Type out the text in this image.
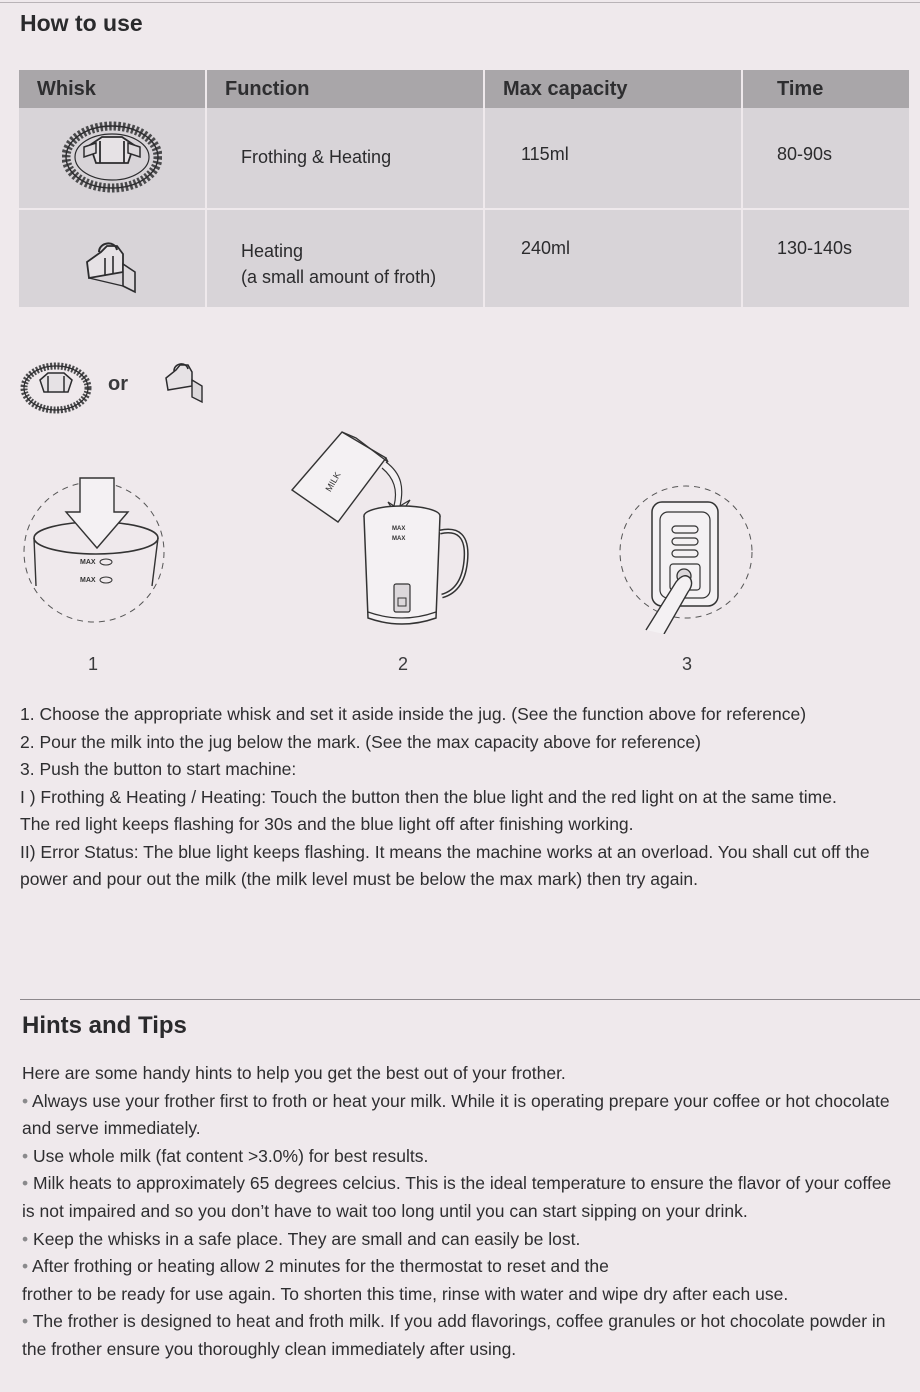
How to use
Whisk	Function	Max capacity	Time

Frothing & Heating	115ml	80-90s

Heating
(a small amount of froth)	240ml	130-140s
or
MAX
MAX
MILK
MAX
MAX
1	2	3

1. Choose the appropriate whisk and set it aside inside the jug. (See the function above for reference)

2. Pour the milk into the jug below the mark. (See the max capacity above for reference)

3. Push the button to start machine:

I ) Frothing & Heating / Heating: Touch the button then the blue light and the red light on at the same time.

The red light keeps flashing for 30s and the blue light off after finishing working.

II) Error Status: The blue light keeps flashing. It means the machine works at an overload. You shall cut off the

power and pour out the milk (the milk level must be below the max mark) then try again.

Hints and Tips

Here are some handy hints to help you get the best out of your frother.

• Always use your frother first to froth or heat your milk. While it is operating prepare your coffee or hot chocolate

and serve immediately.

• Use whole milk (fat content >3.0%) for best results.

• Milk heats to approximately 65 degrees celcius. This is the ideal temperature to ensure the flavor of your coffee

is not impaired and so you don’t have to wait too long until you can start sipping on your drink.

• Keep the whisks in a safe place. They are small and can easily be lost.

• After frothing or heating allow 2 minutes for the thermostat to reset and the

frother to be ready for use again. To shorten this time, rinse with water and wipe dry after each use.

• The frother is designed to heat and froth milk. If you add flavorings, coffee granules or hot chocolate powder in

the frother ensure you thoroughly clean immediately after using.
